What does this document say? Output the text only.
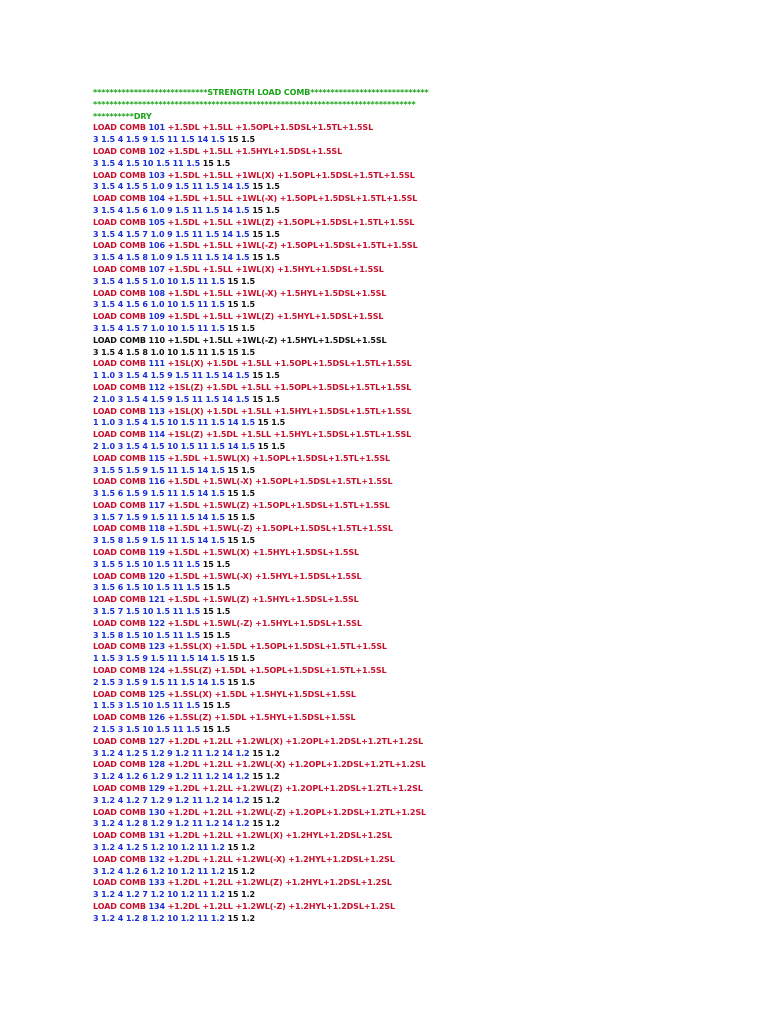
****************************STRENGTH LOAD COMB*****************************
*******************************************************************************
**********DRY
LOAD COMB 101 +1.5DL +1.5LL +1.5OPL+1.5DSL+1.5TL+1.5SL
3 1.5 4 1.5 9 1.5 11 1.5 14 1.5 15 1.5
LOAD COMB 102 +1.5DL +1.5LL +1.5HYL+1.5DSL+1.5SL
3 1.5 4 1.5 10 1.5 11 1.5 15 1.5
LOAD COMB 103 +1.5DL +1.5LL +1WL(X) +1.5OPL+1.5DSL+1.5TL+1.5SL
3 1.5 4 1.5 5 1.0 9 1.5 11 1.5 14 1.5 15 1.5
LOAD COMB 104 +1.5DL +1.5LL +1WL(-X) +1.5OPL+1.5DSL+1.5TL+1.5SL
3 1.5 4 1.5 6 1.0 9 1.5 11 1.5 14 1.5 15 1.5
LOAD COMB 105 +1.5DL +1.5LL +1WL(Z) +1.5OPL+1.5DSL+1.5TL+1.5SL
3 1.5 4 1.5 7 1.0 9 1.5 11 1.5 14 1.5 15 1.5
LOAD COMB 106 +1.5DL +1.5LL +1WL(-Z) +1.5OPL+1.5DSL+1.5TL+1.5SL
3 1.5 4 1.5 8 1.0 9 1.5 11 1.5 14 1.5 15 1.5
LOAD COMB 107 +1.5DL +1.5LL +1WL(X) +1.5HYL+1.5DSL+1.5SL
3 1.5 4 1.5 5 1.0 10 1.5 11 1.5 15 1.5
LOAD COMB 108 +1.5DL +1.5LL +1WL(-X) +1.5HYL+1.5DSL+1.5SL
3 1.5 4 1.5 6 1.0 10 1.5 11 1.5 15 1.5
LOAD COMB 109 +1.5DL +1.5LL +1WL(Z) +1.5HYL+1.5DSL+1.5SL
3 1.5 4 1.5 7 1.0 10 1.5 11 1.5 15 1.5
LOAD COMB 110 +1.5DL +1.5LL +1WL(-Z) +1.5HYL+1.5DSL+1.5SL
3 1.5 4 1.5 8 1.0 10 1.5 11 1.5 15 1.5
LOAD COMB 111 +1SL(X) +1.5DL +1.5LL +1.5OPL+1.5DSL+1.5TL+1.5SL
1 1.0 3 1.5 4 1.5 9 1.5 11 1.5 14 1.5 15 1.5
LOAD COMB 112 +1SL(Z) +1.5DL +1.5LL +1.5OPL+1.5DSL+1.5TL+1.5SL
2 1.0 3 1.5 4 1.5 9 1.5 11 1.5 14 1.5 15 1.5
LOAD COMB 113 +1SL(X) +1.5DL +1.5LL +1.5HYL+1.5DSL+1.5TL+1.5SL
1 1.0 3 1.5 4 1.5 10 1.5 11 1.5 14 1.5 15 1.5
LOAD COMB 114 +1SL(Z) +1.5DL +1.5LL +1.5HYL+1.5DSL+1.5TL+1.5SL
2 1.0 3 1.5 4 1.5 10 1.5 11 1.5 14 1.5 15 1.5
LOAD COMB 115 +1.5DL +1.5WL(X) +1.5OPL+1.5DSL+1.5TL+1.5SL
3 1.5 5 1.5 9 1.5 11 1.5 14 1.5 15 1.5
LOAD COMB 116 +1.5DL +1.5WL(-X) +1.5OPL+1.5DSL+1.5TL+1.5SL
3 1.5 6 1.5 9 1.5 11 1.5 14 1.5 15 1.5
LOAD COMB 117 +1.5DL +1.5WL(Z) +1.5OPL+1.5DSL+1.5TL+1.5SL
3 1.5 7 1.5 9 1.5 11 1.5 14 1.5 15 1.5
LOAD COMB 118 +1.5DL +1.5WL(-Z) +1.5OPL+1.5DSL+1.5TL+1.5SL
3 1.5 8 1.5 9 1.5 11 1.5 14 1.5 15 1.5
LOAD COMB 119 +1.5DL +1.5WL(X) +1.5HYL+1.5DSL+1.5SL
3 1.5 5 1.5 10 1.5 11 1.5 15 1.5
LOAD COMB 120 +1.5DL +1.5WL(-X) +1.5HYL+1.5DSL+1.5SL
3 1.5 6 1.5 10 1.5 11 1.5 15 1.5
LOAD COMB 121 +1.5DL +1.5WL(Z) +1.5HYL+1.5DSL+1.5SL
3 1.5 7 1.5 10 1.5 11 1.5 15 1.5
LOAD COMB 122 +1.5DL +1.5WL(-Z) +1.5HYL+1.5DSL+1.5SL
3 1.5 8 1.5 10 1.5 11 1.5 15 1.5
LOAD COMB 123 +1.5SL(X) +1.5DL +1.5OPL+1.5DSL+1.5TL+1.5SL
1 1.5 3 1.5 9 1.5 11 1.5 14 1.5 15 1.5
LOAD COMB 124 +1.5SL(Z) +1.5DL +1.5OPL+1.5DSL+1.5TL+1.5SL
2 1.5 3 1.5 9 1.5 11 1.5 14 1.5 15 1.5
LOAD COMB 125 +1.5SL(X) +1.5DL +1.5HYL+1.5DSL+1.5SL
1 1.5 3 1.5 10 1.5 11 1.5 15 1.5
LOAD COMB 126 +1.5SL(Z) +1.5DL +1.5HYL+1.5DSL+1.5SL
2 1.5 3 1.5 10 1.5 11 1.5 15 1.5
LOAD COMB 127 +1.2DL +1.2LL +1.2WL(X) +1.2OPL+1.2DSL+1.2TL+1.2SL
3 1.2 4 1.2 5 1.2 9 1.2 11 1.2 14 1.2 15 1.2
LOAD COMB 128 +1.2DL +1.2LL +1.2WL(-X) +1.2OPL+1.2DSL+1.2TL+1.2SL
3 1.2 4 1.2 6 1.2 9 1.2 11 1.2 14 1.2 15 1.2
LOAD COMB 129 +1.2DL +1.2LL +1.2WL(Z) +1.2OPL+1.2DSL+1.2TL+1.2SL
3 1.2 4 1.2 7 1.2 9 1.2 11 1.2 14 1.2 15 1.2
LOAD COMB 130 +1.2DL +1.2LL +1.2WL(-Z) +1.2OPL+1.2DSL+1.2TL+1.2SL
3 1.2 4 1.2 8 1.2 9 1.2 11 1.2 14 1.2 15 1.2
LOAD COMB 131 +1.2DL +1.2LL +1.2WL(X) +1.2HYL+1.2DSL+1.2SL
3 1.2 4 1.2 5 1.2 10 1.2 11 1.2 15 1.2
LOAD COMB 132 +1.2DL +1.2LL +1.2WL(-X) +1.2HYL+1.2DSL+1.2SL
3 1.2 4 1.2 6 1.2 10 1.2 11 1.2 15 1.2
LOAD COMB 133 +1.2DL +1.2LL +1.2WL(Z) +1.2HYL+1.2DSL+1.2SL
3 1.2 4 1.2 7 1.2 10 1.2 11 1.2 15 1.2
LOAD COMB 134 +1.2DL +1.2LL +1.2WL(-Z) +1.2HYL+1.2DSL+1.2SL
3 1.2 4 1.2 8 1.2 10 1.2 11 1.2 15 1.2
